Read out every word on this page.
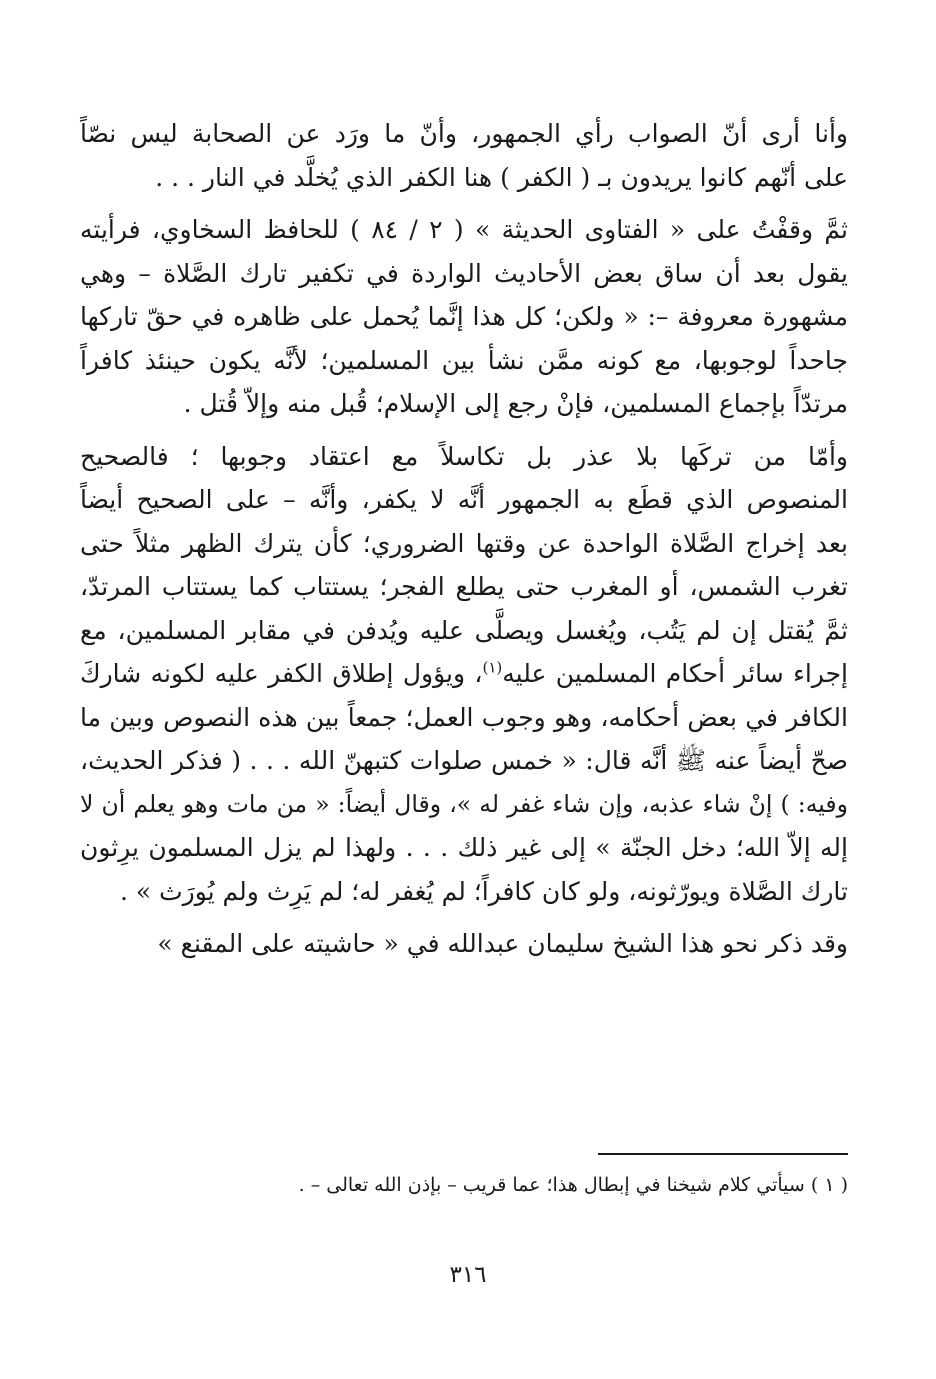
وأنا أرى أنّ الصواب رأي الجمهور، وأنّ ما ورَد عن الصحابة ليس نصّاً
على أنّهم كانوا يريدون بـ ( الكفر ) هنا الكفر الذي يُخلَّد في النار . . .

ثمَّ وقفْتُ على « الفتاوى الحديثة » ( ٢ / ٨٤ ) للحافظ السخاوي، فرأيته
يقول بعد أن ساق بعض الأحاديث الواردة في تكفير تارك الصَّلاة – وهي
مشهورة معروفة –: « ولكن؛ كل هذا إنَّما يُحمل على ظاهره في حقّ تاركها
جاحداً لوجوبها، مع كونه ممَّن نشأ بين المسلمين؛ لأنَّه يكون حينئذ كافراً
مرتدّاً بإجماع المسلمين، فإنْ رجع إلى الإسلام؛ قُبل منه وإلاّ قُتل .

وأمّا من تركَها بلا عذر بل تكاسلاً مع اعتقاد وجوبها ؛ فالصحيح
المنصوص الذي قطَع به الجمهور أنَّه لا يكفر، وأنَّه – على الصحيح أيضاً
بعد إخراج الصَّلاة الواحدة عن وقتها الضروري؛ كأن يترك الظهر مثلاً حتى
تغرب الشمس، أو المغرب حتى يطلع الفجر؛ يستتاب كما يستتاب المرتدّ،
ثمَّ يُقتل إن لم يَتُب، ويُغسل ويصلَّى عليه ويُدفن في مقابر المسلمين، مع
إجراء سائر أحكام المسلمين عليه$^{(١)}$، ويؤول إطلاق الكفر عليه لكونه شاركَ
الكافر في بعض أحكامه، وهو وجوب العمل؛ جمعاً بين هذه النصوص وبين ما
صحّ أيضاً عنه ﷺ أنَّه قال: « خمس صلوات كتبهنّ الله . . . ( فذكر الحديث،
وفيه: ) إنْ شاء عذبه، وإن شاء غفر له »، وقال أيضاً: « من مات وهو يعلم أن لا
إله إلاّ الله؛ دخل الجنّة » إلى غير ذلك . . . ولهذا لم يزل المسلمون يرِثون
تارك الصَّلاة ويورّثونه، ولو كان كافراً؛ لم يُغفر له؛ لم يَرِث ولم يُورَث » .

وقد ذكر نحو هذا الشيخ سليمان عبدالله في « حاشيته على المقنع »

( ١ ) سيأتي كلام شيخنا في إبطال هذا؛ عما قريب – بإذن الله تعالى – .
٣١٦
